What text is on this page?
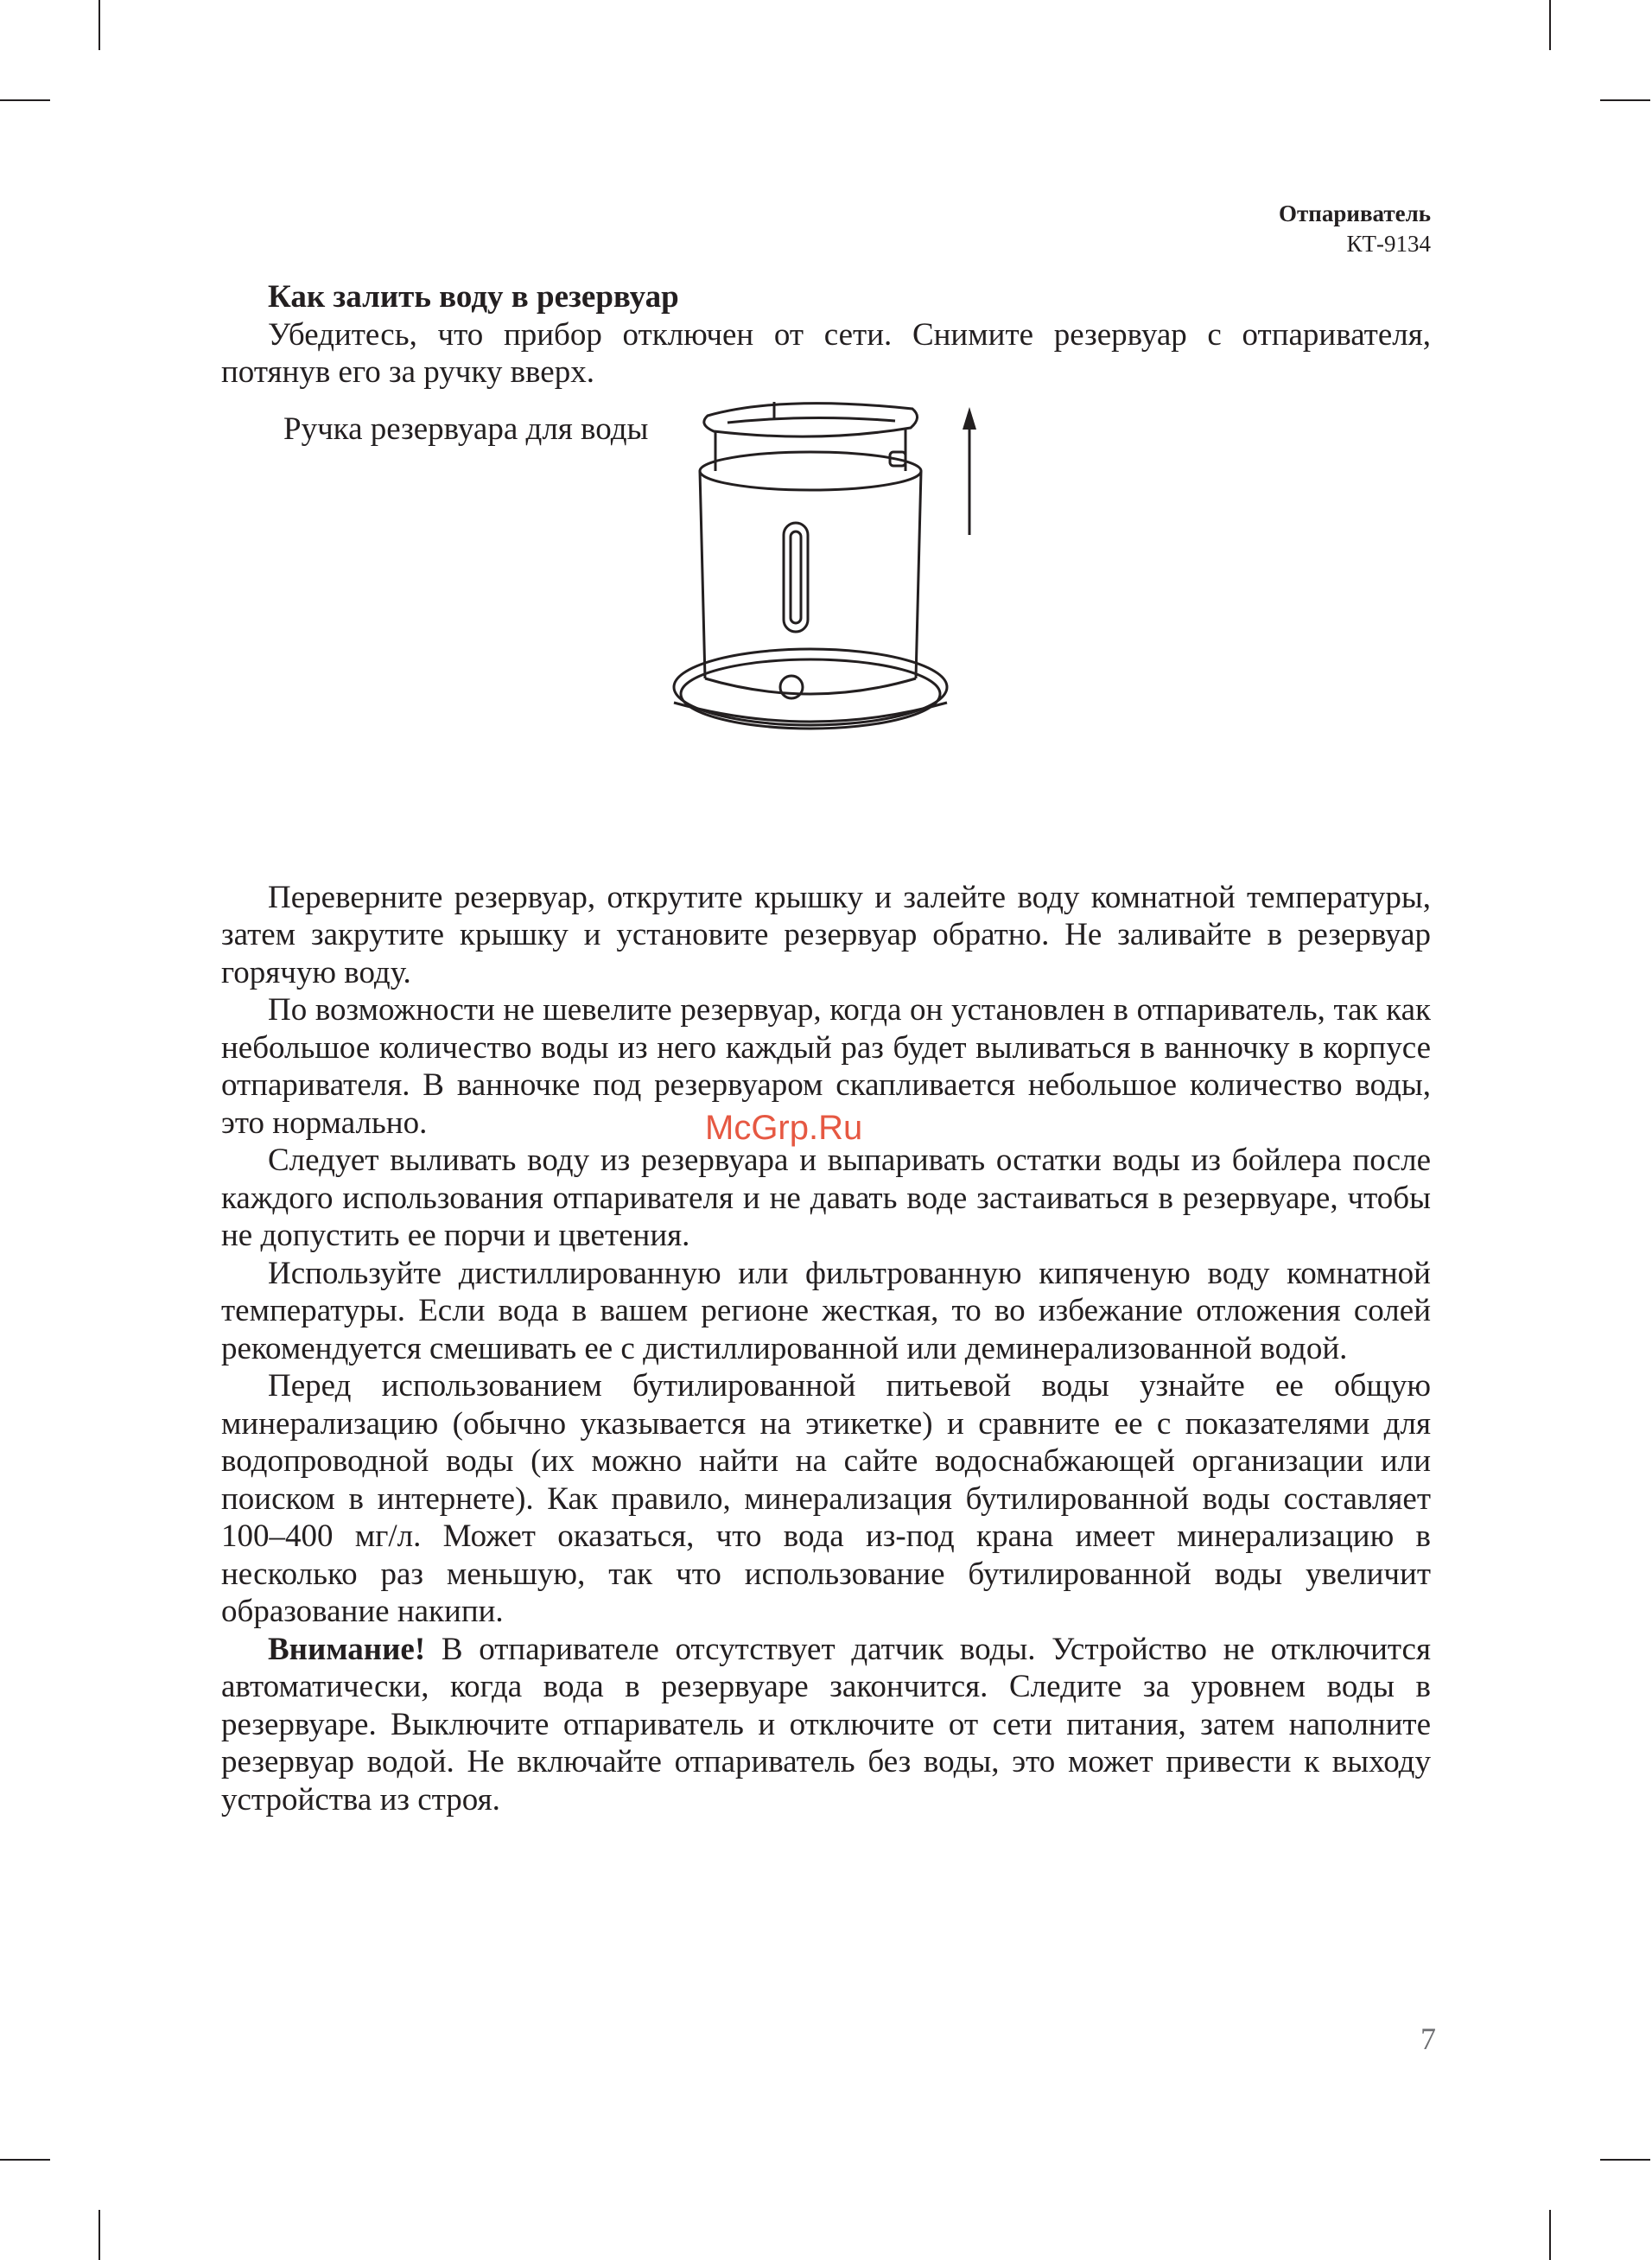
Отпариватель
КТ-9134
Как залить воду в резервуар

Убедитесь, что прибор отключен от сети. Снимите резервуар с отпаривателя, потянув его за ручку вверх.

Ручка резервуара для воды

Переверните резервуар, открутите крышку и залейте воду комнатной температуры, затем закрутите крышку и установите резервуар обратно. Не заливайте в резервуар горячую воду.

По возможности не шевелите резервуар, когда он установлен в отпариватель, так как небольшое количество воды из него каждый раз будет выливаться в ванночку в корпусе отпаривателя. В ванночке под резервуаром скапливается небольшое количество воды, это нормально.

Следует выливать воду из резервуара и выпаривать остатки воды из бойлера после каждого использования отпаривателя и не давать воде застаиваться в резервуаре, чтобы не допустить ее порчи и цветения.

Используйте дистиллированную или фильтрованную кипяченую воду комнатной температуры. Если вода в вашем регионе жесткая, то во избежание отложения солей рекомендуется смешивать ее с дистиллированной или деминерализованной водой.

Перед использованием бутилированной питьевой воды узнайте ее общую минерализацию (обычно указывается на этикетке) и сравните ее с показателями для водопроводной воды (их можно найти на сайте водоснабжающей организации или поиском в интернете). Как правило, минерализация бутилированной воды составляет 100–400 мг/л. Может оказаться, что вода из-под крана имеет минерализацию в несколько раз меньшую, так что использование бутилированной воды увеличит образование накипи.

Внимание! В отпаривателе отсутствует датчик воды. Устройство не отключится автоматически, когда вода в резервуаре закончится. Следите за уровнем воды в резервуаре. Выключите отпариватель и отключите от сети питания, затем наполните резервуар водой. Не включайте отпариватель без воды, это может привести к выходу устройства из строя.

McGrp.Ru
7
